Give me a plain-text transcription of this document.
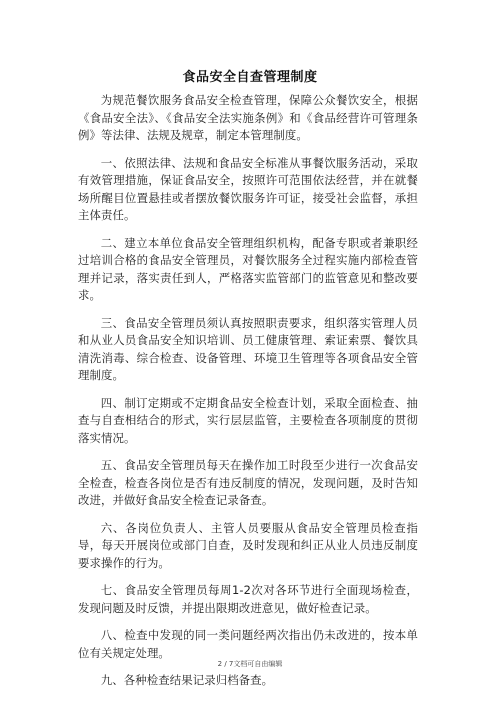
食品安全自查管理制度

为规范餐饮服务食品安全检查管理，保障公众餐饮安全，根据《食品安全法》、《食品安全法实施条例》和《食品经营许可管理条例》等法律、法规及规章，制定本管理制度。

一、依照法律、法规和食品安全标准从事餐饮服务活动，采取有效管理措施，保证食品安全，按照许可范围依法经营，并在就餐场所醒目位置悬挂或者摆放餐饮服务许可证，接受社会监督，承担主体责任。

二、建立本单位食品安全管理组织机构，配备专职或者兼职经过培训合格的食品安全管理员，对餐饮服务全过程实施内部检查管理并记录，落实责任到人，严格落实监管部门的监管意见和整改要求。

三、食品安全管理员须认真按照职责要求，组织落实管理人员和从业人员食品安全知识培训、员工健康管理、索证索票、餐饮具清洗消毒、综合检查、设备管理、环境卫生管理等各项食品安全管理制度。

四、制订定期或不定期食品安全检查计划，采取全面检查、抽查与自查相结合的形式，实行层层监管，主要检查各项制度的贯彻落实情况。

五、食品安全管理员每天在操作加工时段至少进行一次食品安全检查，检查各岗位是否有违反制度的情况，发现问题，及时告知改进，并做好食品安全检查记录备查。

六、各岗位负责人、主管人员要服从食品安全管理员检查指导，每天开展岗位或部门自查，及时发现和纠正从业人员违反制度要求操作的行为。

七、食品安全管理员每周1-2次对各环节进行全面现场检查，发现问题及时反馈，并提出限期改进意见，做好检查记录。

八、检查中发现的同一类问题经两次指出仍未改进的，按本单位有关规定处理。

九、各种检查结果记录归档备查。

2 / 7文档可自由编辑
